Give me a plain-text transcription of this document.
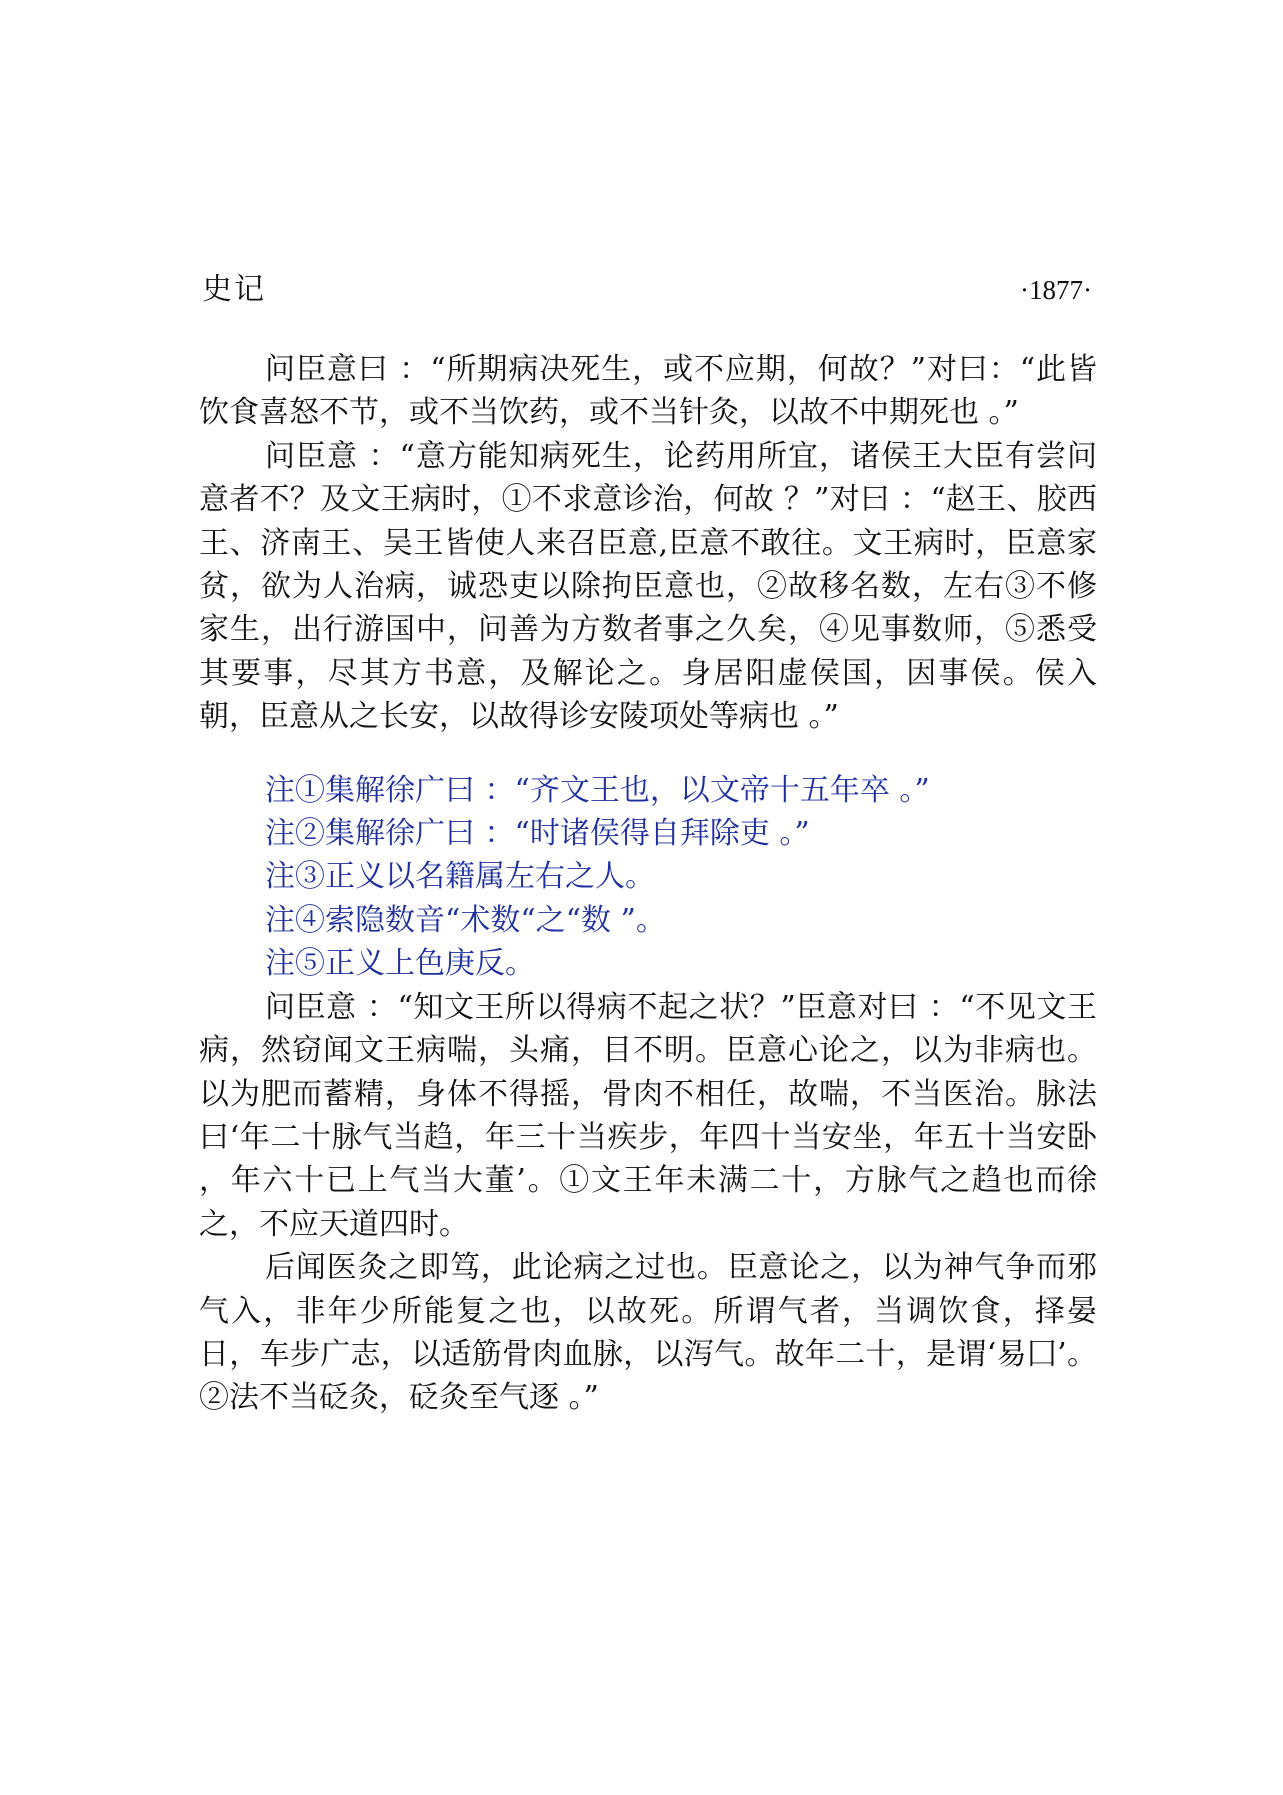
史记	·1877·

问臣意曰 ：“所期病决死生，或不应期，何故？”对曰：“此皆饮食喜怒不节，或不当饮药，或不当针灸，以故不中期死也 。”

问臣意 ：“意方能知病死生，论药用所宜，诸侯王大臣有尝问意者不？及文王病时，①不求意诊治，何故 ？”对曰 ：“赵王、胶西王、济南王、吴王皆使人来召臣意,臣意不敢往。文王病时，臣意家贫，欲为人治病，诚恐吏以除拘臣意也，②故移名数，左右③不修家生，出行游国中，问善为方数者事之久矣，④见事数师，⑤悉受其要事，尽其方书意，及解论之。身居阳虚侯国，因事侯。侯入朝，臣意从之长安，以故得诊安陵项处等病也 。”

注①集解徐广曰 ：“齐文王也，以文帝十五年卒 。”

注②集解徐广曰 ：“时诸侯得自拜除吏 。”

注③正义以名籍属左右之人。

注④索隐数音“术数“之“数 ”。

注⑤正义上色庚反。

问臣意 ：“知文王所以得病不起之状？”臣意对曰 ：“不见文王病，然窃闻文王病喘，头痛，目不明。臣意心论之，以为非病也。以为肥而蓄精，身体不得摇，骨肉不相任，故喘，不当医治。脉法曰‘年二十脉气当趋，年三十当疾步，年四十当安坐，年五十当安卧 ，年六十已上气当大董’。①文王年未满二十，方脉气之趋也而徐之，不应天道四时。

后闻医灸之即笃，此论病之过也。臣意论之，以为神气争而邪气入，非年少所能复之也，以故死。所谓气者，当调饮食，择晏日，车步广志，以适筋骨肉血脉，以泻气。故年二十，是谓‘易囗’。②法不当砭灸，砭灸至气逐 。”
